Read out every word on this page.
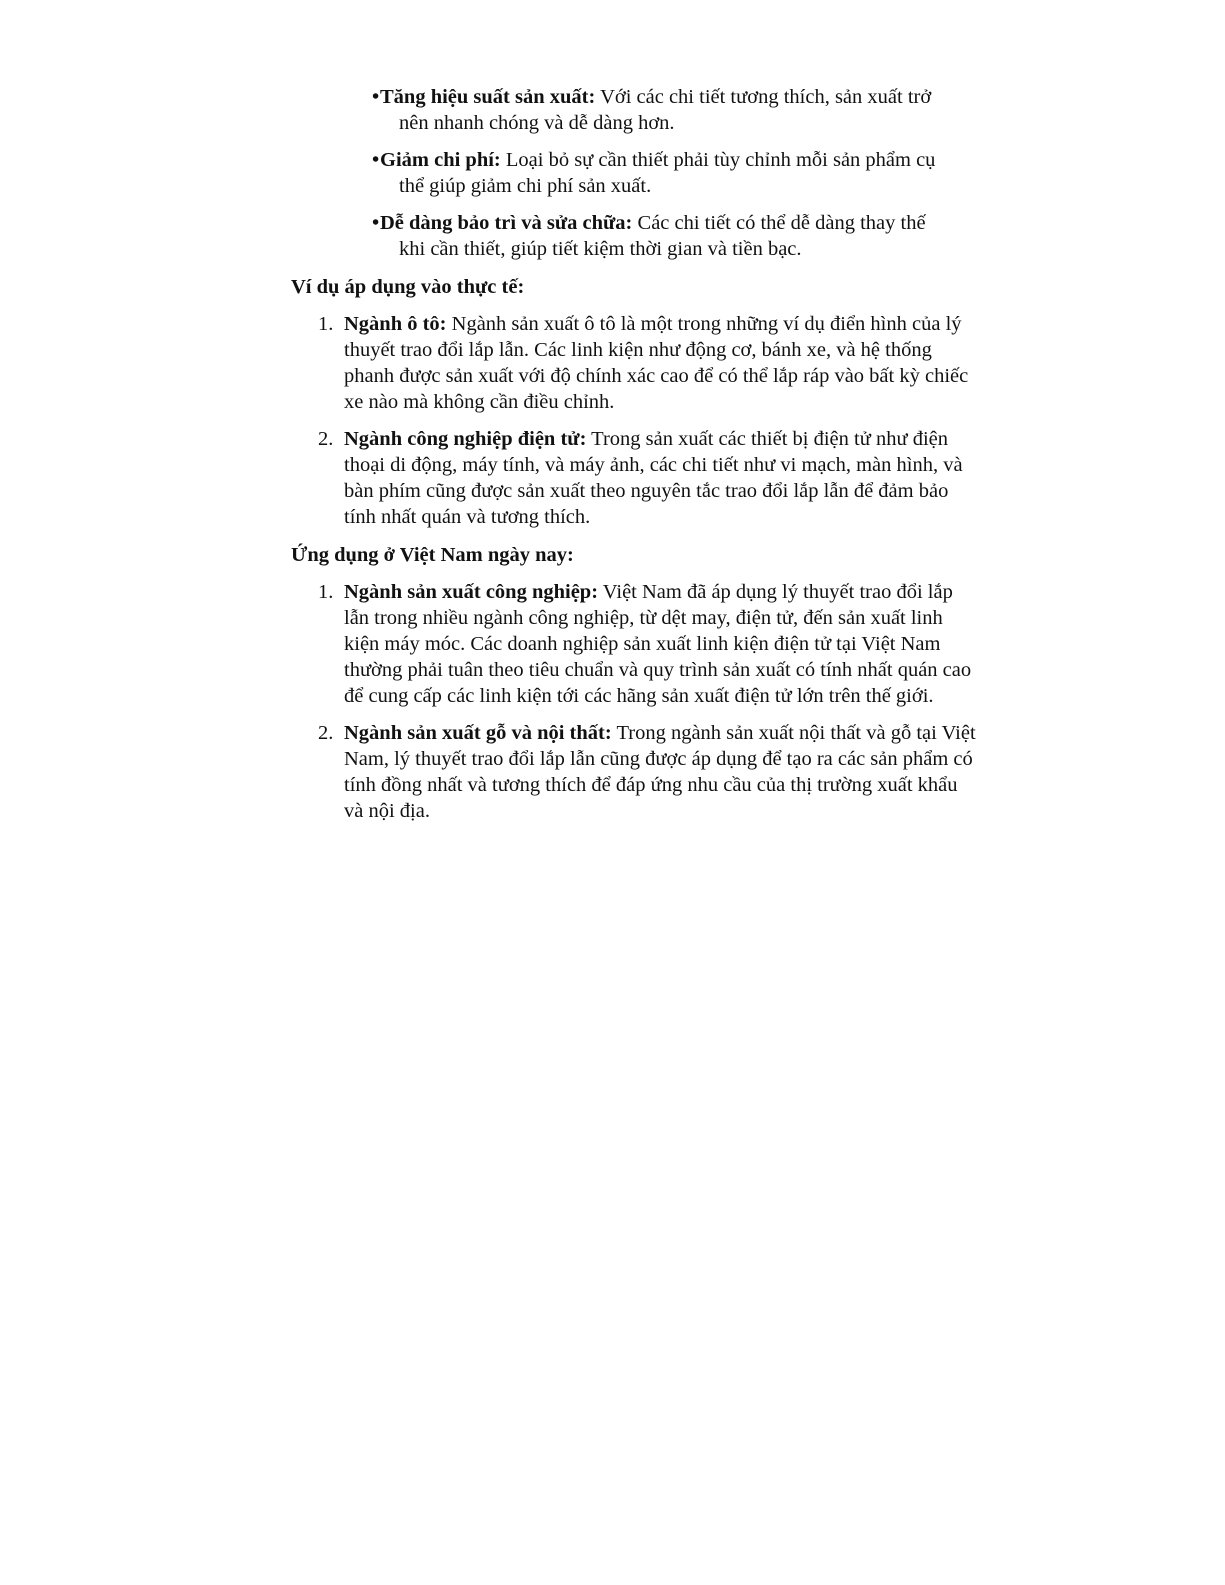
•Tăng hiệu suất sản xuất: Với các chi tiết tương thích, sản xuất trở nên nhanh chóng và dễ dàng hơn.

•Giảm chi phí: Loại bỏ sự cần thiết phải tùy chỉnh mỗi sản phẩm cụ thể giúp giảm chi phí sản xuất.

•Dễ dàng bảo trì và sửa chữa: Các chi tiết có thể dễ dàng thay thế khi cần thiết, giúp tiết kiệm thời gian và tiền bạc.

Ví dụ áp dụng vào thực tế:
1. Ngành ô tô: Ngành sản xuất ô tô là một trong những ví dụ điển hình của lý thuyết trao đổi lắp lẫn. Các linh kiện như động cơ, bánh xe, và hệ thống phanh được sản xuất với độ chính xác cao để có thể lắp ráp vào bất kỳ chiếc xe nào mà không cần điều chỉnh.
2. Ngành công nghiệp điện tử: Trong sản xuất các thiết bị điện tử như điện thoại di động, máy tính, và máy ảnh, các chi tiết như vi mạch, màn hình, và bàn phím cũng được sản xuất theo nguyên tắc trao đổi lắp lẫn để đảm bảo tính nhất quán và tương thích.
Ứng dụng ở Việt Nam ngày nay:
1. Ngành sản xuất công nghiệp: Việt Nam đã áp dụng lý thuyết trao đổi lắp lẫn trong nhiều ngành công nghiệp, từ dệt may, điện tử, đến sản xuất linh kiện máy móc. Các doanh nghiệp sản xuất linh kiện điện tử tại Việt Nam thường phải tuân theo tiêu chuẩn và quy trình sản xuất có tính nhất quán cao để cung cấp các linh kiện tới các hãng sản xuất điện tử lớn trên thế giới.
2. Ngành sản xuất gỗ và nội thất: Trong ngành sản xuất nội thất và gỗ tại Việt Nam, lý thuyết trao đổi lắp lẫn cũng được áp dụng để tạo ra các sản phẩm có tính đồng nhất và tương thích để đáp ứng nhu cầu của thị trường xuất khẩu và nội địa.
